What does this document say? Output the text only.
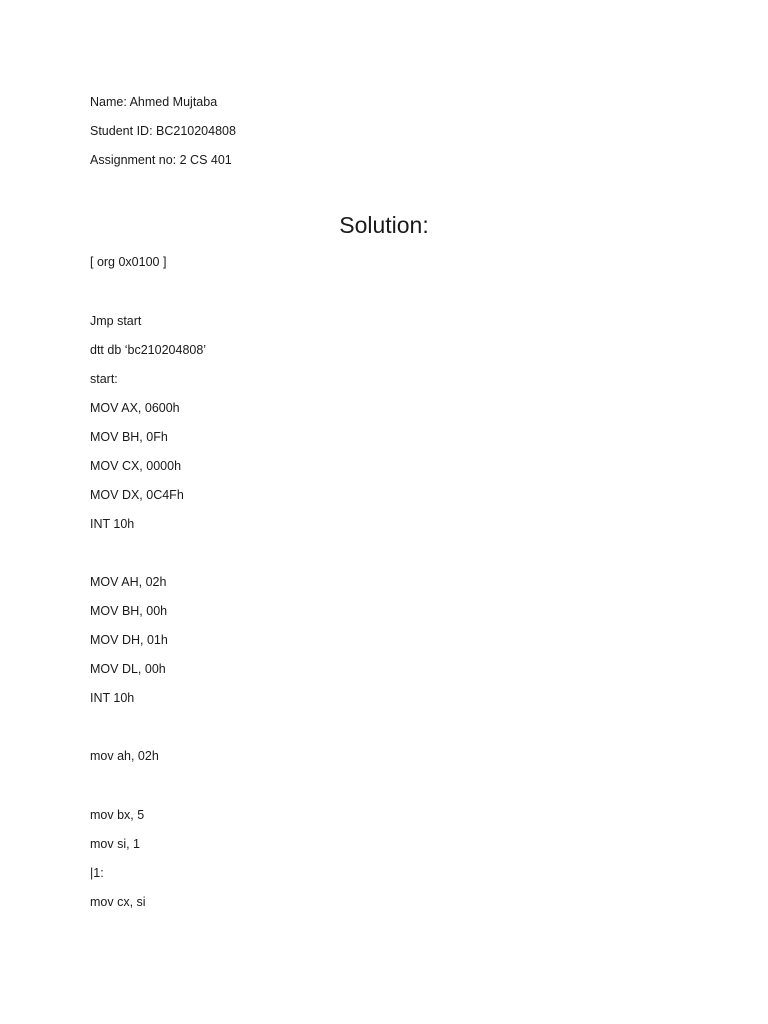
Name: Ahmed Mujtaba
Student ID: BC210204808
Assignment no: 2 CS 401
Solution:
[ org 0x0100 ]
Jmp start
dtt db ‘bc210204808’
start:
MOV AX, 0600h
MOV BH, 0Fh
MOV CX, 0000h
MOV DX, 0C4Fh
INT 10h
MOV AH, 02h
MOV BH, 00h
MOV DH, 01h
MOV DL, 00h
INT 10h
mov ah, 02h
mov bx, 5
mov si, 1
|1:
mov cx, si
